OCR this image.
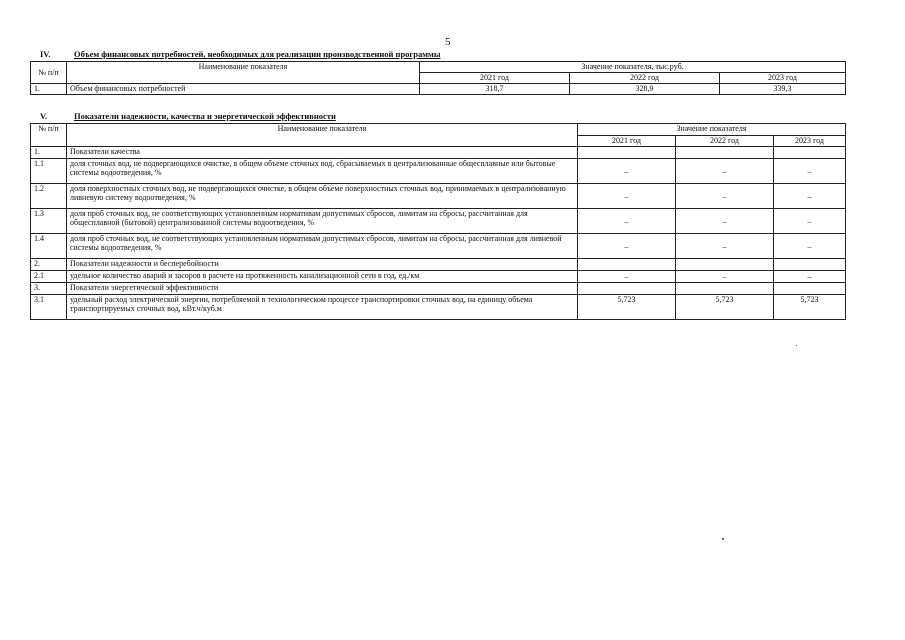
5
IV.	Объем финансовых потребностей, необходимых для реализации производственной программы
№ п/п	Наименование показателя	Значение показателя, тыс.руб.		
		2021 год	2022 год	2023 год
1.	Объем финансовых потребностей	318,7	328,9	339,3
V.	Показатели надежности, качества и энергетической эффективности
№ п/п	Наименование показателя	Значение показателя		
		2021 год	2022 год	2023 год
1.	Показатели качества			
1.1	доля сточных вод, не подвергающихся очистке, в общем объеме сточных вод, сбрасываемых в централизованные общесплавные или бытовые системы водоотведения, %	–	–	–
1.2	доля поверхностных сточных вод, не подвергающихся очистке, в общем объеме поверхностных сточных вод, принимаемых в централизованную ливневую систему водоотведения, %	–	–	–
1.3	доля проб сточных вод, не соответствующих установленным нормативам допустимых сбросов, лимитам на сбросы, рассчитанная для общесплавной (бытовой) централизованной системы водоотведения, %	–	–	–
1.4	доля проб сточных вод, не соответствующих установленным нормативам допустимых сбросов, лимитам на сбросы, рассчитанная для ливневой системы водоотведения, %	–	–	–
2.	Показатели надежности и бесперебойности			
2.1	удельное количество аварий и засоров в расчете на протяженность канализационной сети в год, ед./км	–	–	–
3.	Показатели энергетической эффективности			
3.1	удельный расход электрической энергии, потребляемой в технологическом процессе транспортировки сточных вод, на единицу объема транспортируемых сточных вод, кВт.ч/куб.м	5,723	5,723	5,723
